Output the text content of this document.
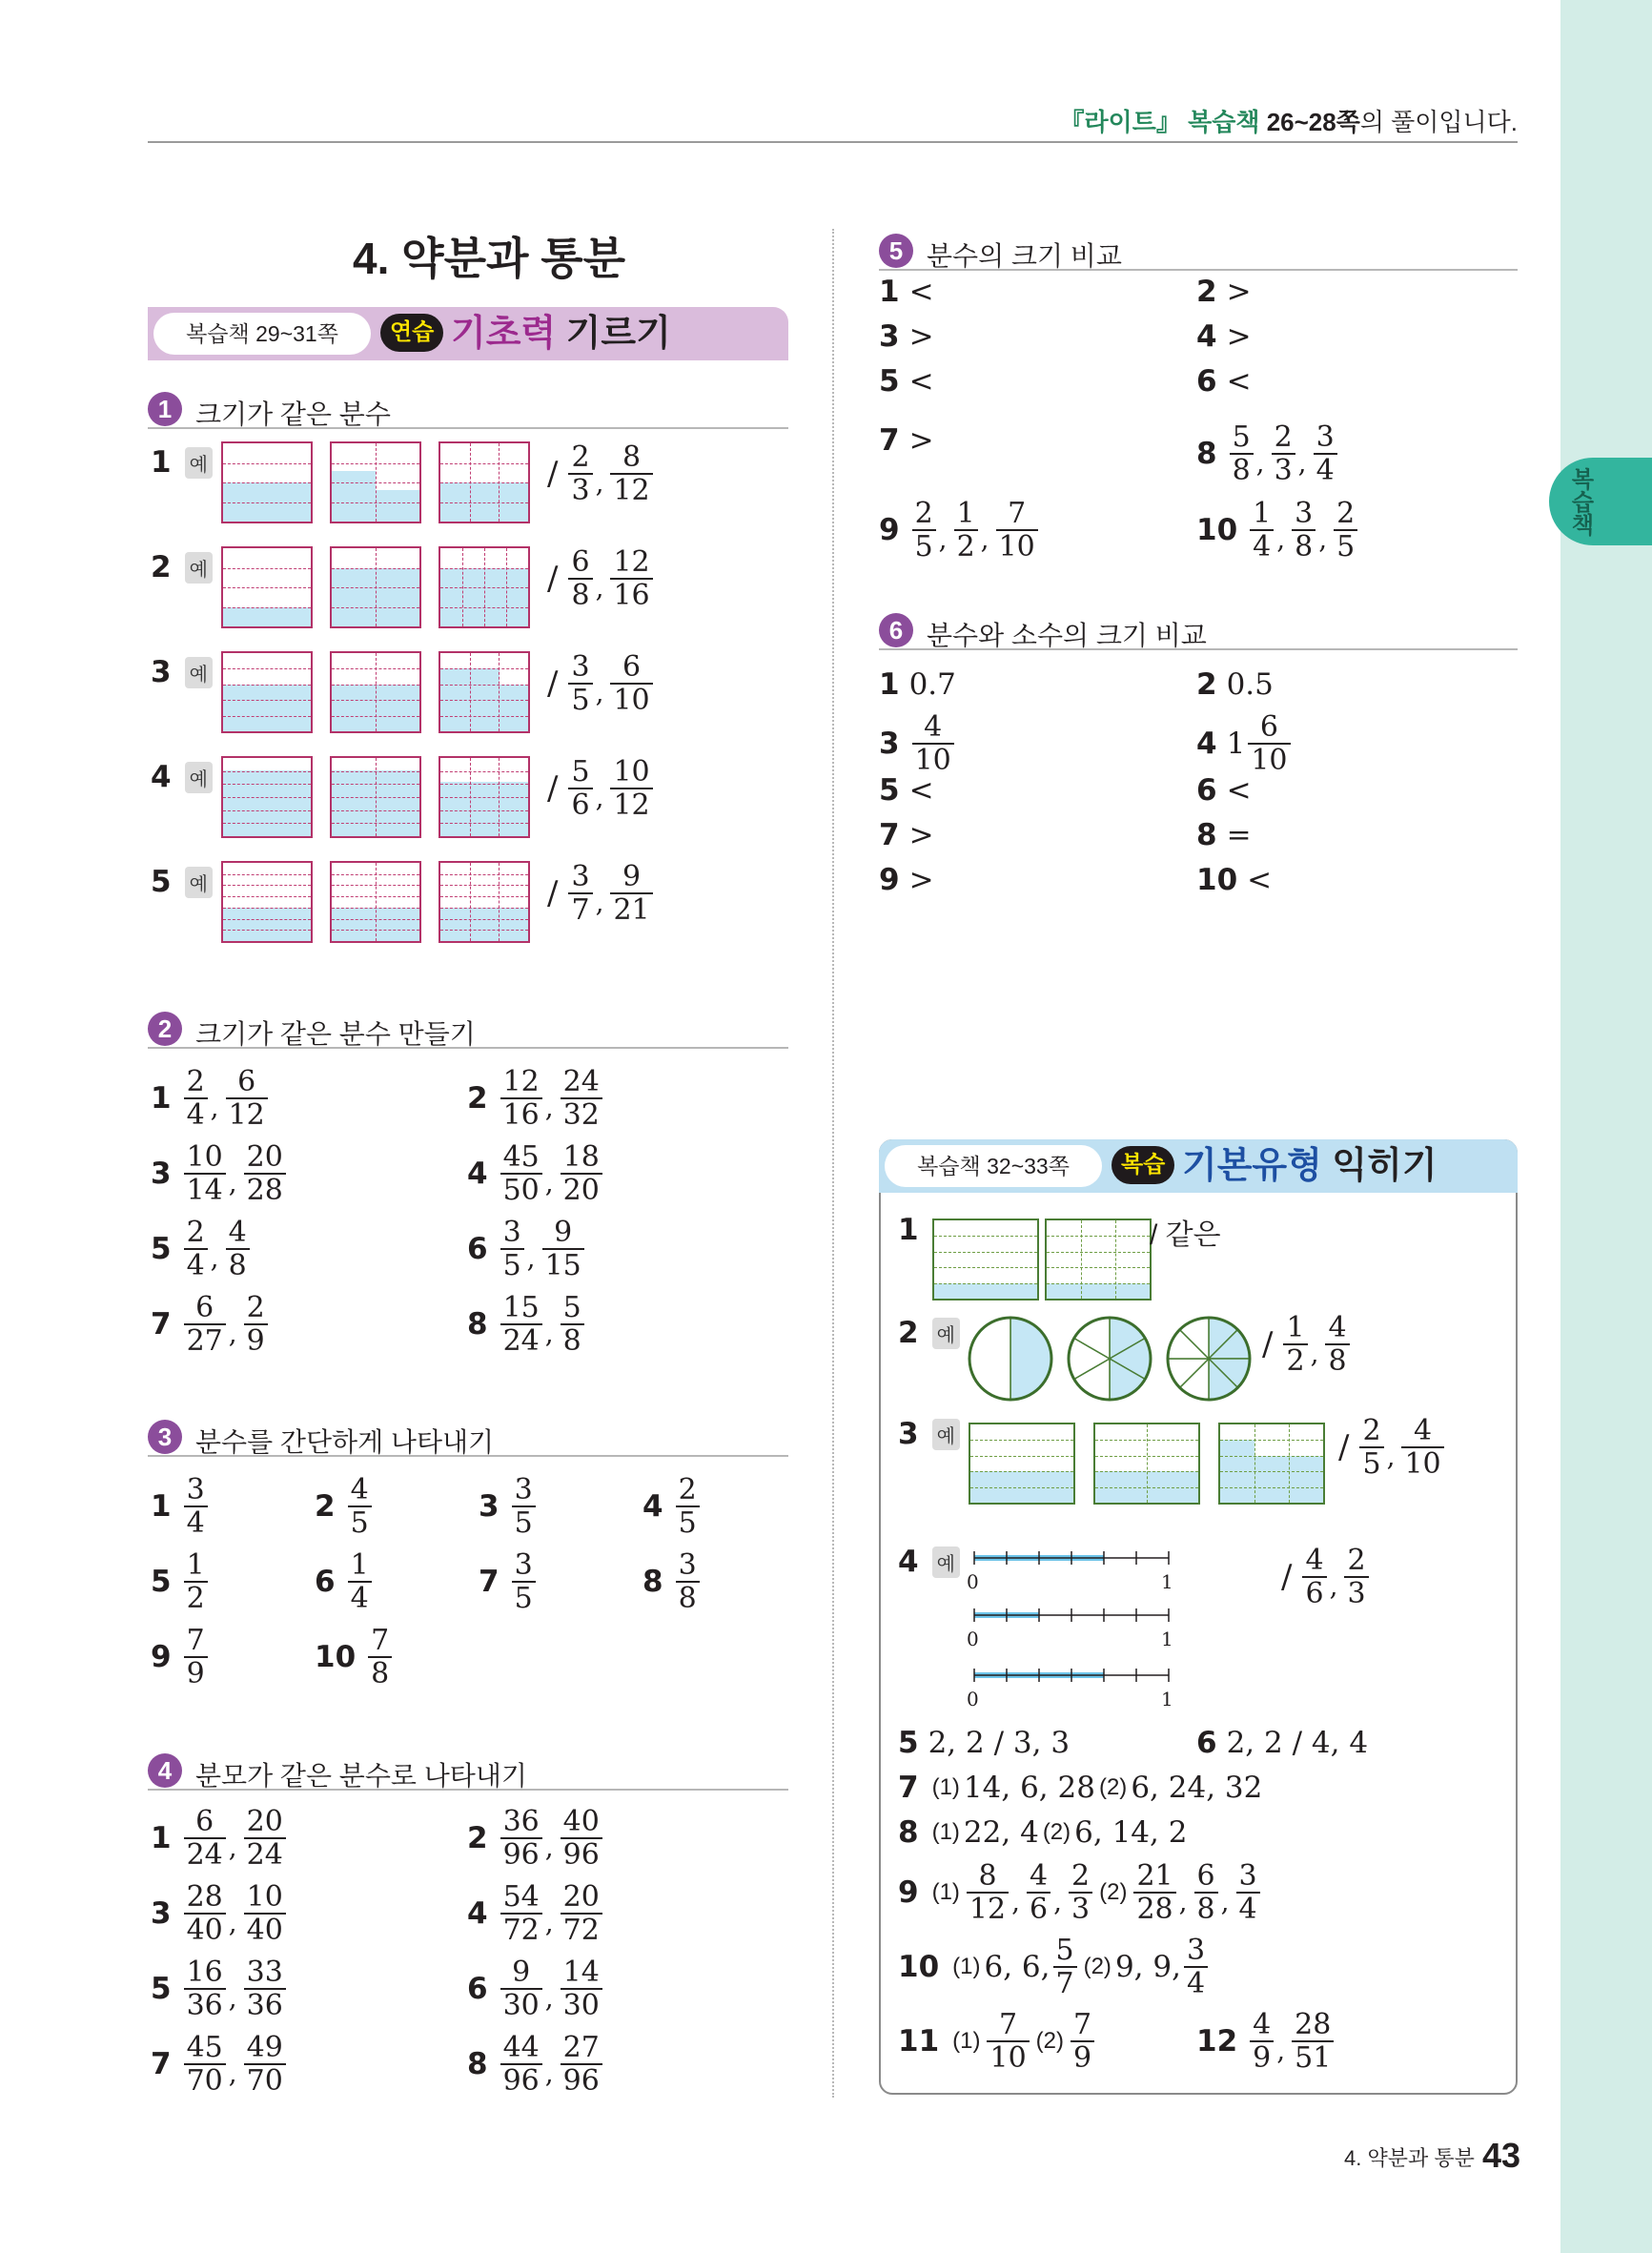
복습책
『라이트』 복습책 26~28쪽의 풀이입니다.
4. 약분과 통분
복습책 29~31쪽	연습 기초력 기르기
1 크기가 같은 분수
2 크기가 같은 분수 만들기
3 분수를 간단하게 나타내기
4 분모가 같은 분수로 나타내기
5 분수의 크기 비교
6 분수와 소수의 크기 비교
1 예	/ $\frac{2}{3}$ , $\frac{8}{12}$
2 예	/ $\frac{6}{8}$ , $\frac{12}{16}$
3 예	/ $\frac{3}{5}$ , $\frac{6}{10}$
4 예	/ $\frac{5}{6}$ , $\frac{10}{12}$
5 예	/ $\frac{3}{7}$ , $\frac{9}{21}$
$1 \frac{2}{4}$ , $\frac{6}{12}$	$2 \frac{12}{16}$ , $\frac{24}{32}$
$3 \frac{10}{14}$ , $\frac{20}{28}$	$4 \frac{45}{50}$ , $\frac{18}{20}$
$5 \frac{2}{4}$ , $\frac{4}{8}$	$6 \frac{3}{5}$ , $\frac{9}{15}$
$7 \frac{6}{27}$ , $\frac{2}{9}$	$8 \frac{15}{24}$ , $\frac{5}{8}$
$1 \frac{3}{4}$	$2 \frac{4}{5}$	$3 \frac{3}{5}$	$4 \frac{2}{5}$
$5 \frac{1}{2}$	$6 \frac{1}{4}$	$7 \frac{3}{5}$	$8 \frac{3}{8}$
$9 \frac{7}{9}$	$10 \frac{7}{8}$
$1 \frac{6}{24}$ , $\frac{20}{24}$	$2 \frac{36}{96}$ , $\frac{40}{96}$
$3 \frac{28}{40}$ , $\frac{10}{40}$	$4 \frac{54}{72}$ , $\frac{20}{72}$
$5 \frac{16}{36}$ , $\frac{33}{36}$	$6 \frac{9}{30}$ , $\frac{14}{30}$
$7 \frac{45}{70}$ , $\frac{49}{70}$	$8 \frac{44}{96}$ , $\frac{27}{96}$
1 <	2 >
3 >	4 >
5 <	6 <
7 >	$8 \frac{5}{8}$ , $\frac{2}{3}$ , $\frac{3}{4}$
$9 \frac{2}{5}$ , $\frac{1}{2}$ , $\frac{7}{10}$	$10 \frac{1}{4}$ , $\frac{3}{8}$ , $\frac{2}{5}$
1 0.7	2 0.5
$3 \frac{4}{10}$	4 $1 \frac{6}{10}$
5 <	6 <
7 >	8 =
9 >	10 <
복습책 32~33쪽	복습 기본유형 익히기
1	/ 같은
2 예	/ $\frac{1}{2}$ , $\frac{4}{8}$
3 예	/ $\frac{2}{5}$ , $\frac{4}{10}$
4 예
0	1
0	1
0	1
/ $\frac{4}{6}$ , $\frac{2}{3}$
5 2, 2 / 3, 3	6 2, 2 / 4, 4
7 (1) 14, 6, 28 (2) 6, 24, 32
8 (1) 22, 4 (2) 6, 14, 2
9 $(1) \frac{8}{12}$ , $\frac{4}{6}$ , $\frac{2}{3} (2) \frac{21}{28}$ , $\frac{6}{8}$ , $\frac{3}{4}$
10 (1) 6, 6, $\frac{5}{7} (2)$ 9, 9, $\frac{3}{4}$
11 $(1) \frac{7}{10} (2) \frac{7}{9}$	$12 \frac{4}{9}$ , $\frac{28}{51}$
4. 약분과 통분 43
